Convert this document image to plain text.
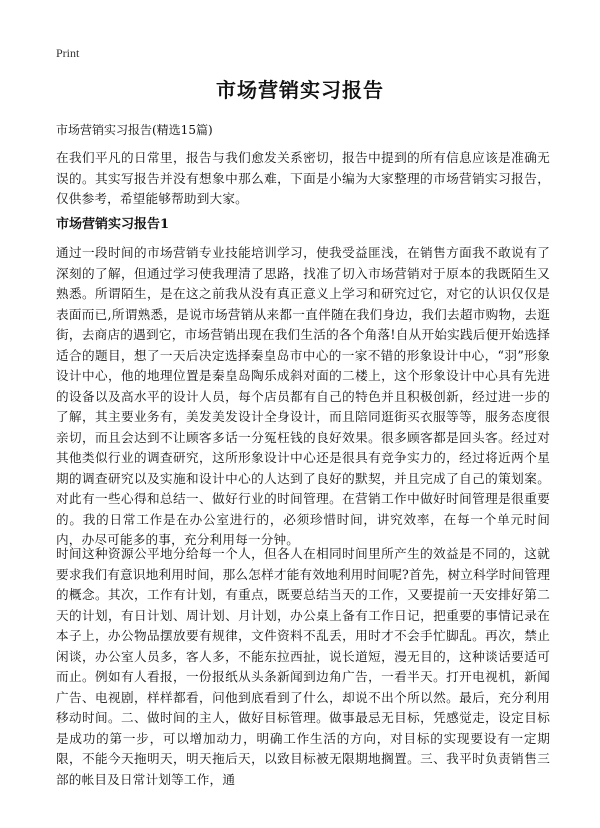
Print
市场营销实习报告
市场营销实习报告(精选15篇)

在我们平凡的日常里，报告与我们愈发关系密切，报告中提到的所有信息应该是准确无误的。其实写报告并没有想象中那么难，下面是小编为大家整理的市场营销实习报告，仅供参考，希望能够帮助到大家。

市场营销实习报告1

通过一段时间的市场营销专业技能培训学习，使我受益匪浅，在销售方面我不敢说有了深刻的了解，但通过学习使我理清了思路，找准了切入市场营销对于原本的我既陌生又熟悉。所谓陌生，是在这之前我从没有真正意义上学习和研究过它，对它的认识仅仅是表面而已,所谓熟悉，是说市场营销从来都一直伴随在我们身边，我们去超市购物，去逛街，去商店的遇到它，市场营销出现在我们生活的各个角落!自从开始实践后便开始选择适合的题目，想了一天后决定选择秦皇岛市中心的一家不错的形象设计中心，“羽”形象设计中心，他的地理位置是秦皇岛陶乐成斜对面的二楼上，这个形象设计中心具有先进的设备以及高水平的设计人员，每个店员都有自己的特色并且积极创新，经过进一步的了解，其主要业务有，美发美发设计全身设计，而且陪同逛街买衣服等等，服务态度很亲切，而且会达到不让顾客多话一分冤枉钱的良好效果。很多顾客都是回头客。经过对其他类似行业的调查研究，这所形象设计中心还是很具有竞争实力的，经过将近两个星期的调查研究以及实施和设计中心的人达到了良好的默契，并且完成了自己的策划案。对此有一些心得和总结一、做好行业的时间管理。在营销工作中做好时间管理是很重要的。我的日常工作是在办公室进行的，必须珍惜时间，讲究效率，在每一个单元时间内，办尽可能多的事，充分利用每一分钟。

时间这种资源公平地分给每一个人，但各人在相同时间里所产生的效益是不同的，这就要求我们有意识地利用时间，那么怎样才能有效地利用时间呢?首先，树立科学时间管理的概念。其次，工作有计划，有重点，既要总结当天的工作，又要提前一天安排好第二天的计划，有日计划、周计划、月计划，办公桌上备有工作日记，把重要的事情记录在本子上，办公物品摆放要有规律，文件资料不乱丢，用时才不会手忙脚乱。再次，禁止闲谈，办公室人员多，客人多，不能东拉西扯，说长道短，漫无目的，这种谈话要适可而止。例如有人看报，一份报纸从头条新闻到边角广告，一看半天。打开电视机，新闻广告、电视剧，样样都看，问他到底看到了什么，却说不出个所以然。最后，充分利用移动时间。二、做时间的主人，做好目标管理。做事最忌无目标，凭感觉走，设定目标是成功的第一步，可以增加动力，明确工作生活的方向，对目标的实现要设有一定期限，不能今天拖明天，明天拖后天，以致目标被无限期地搁置。三、我平时负责销售三部的帐目及日常计划等工作，通
